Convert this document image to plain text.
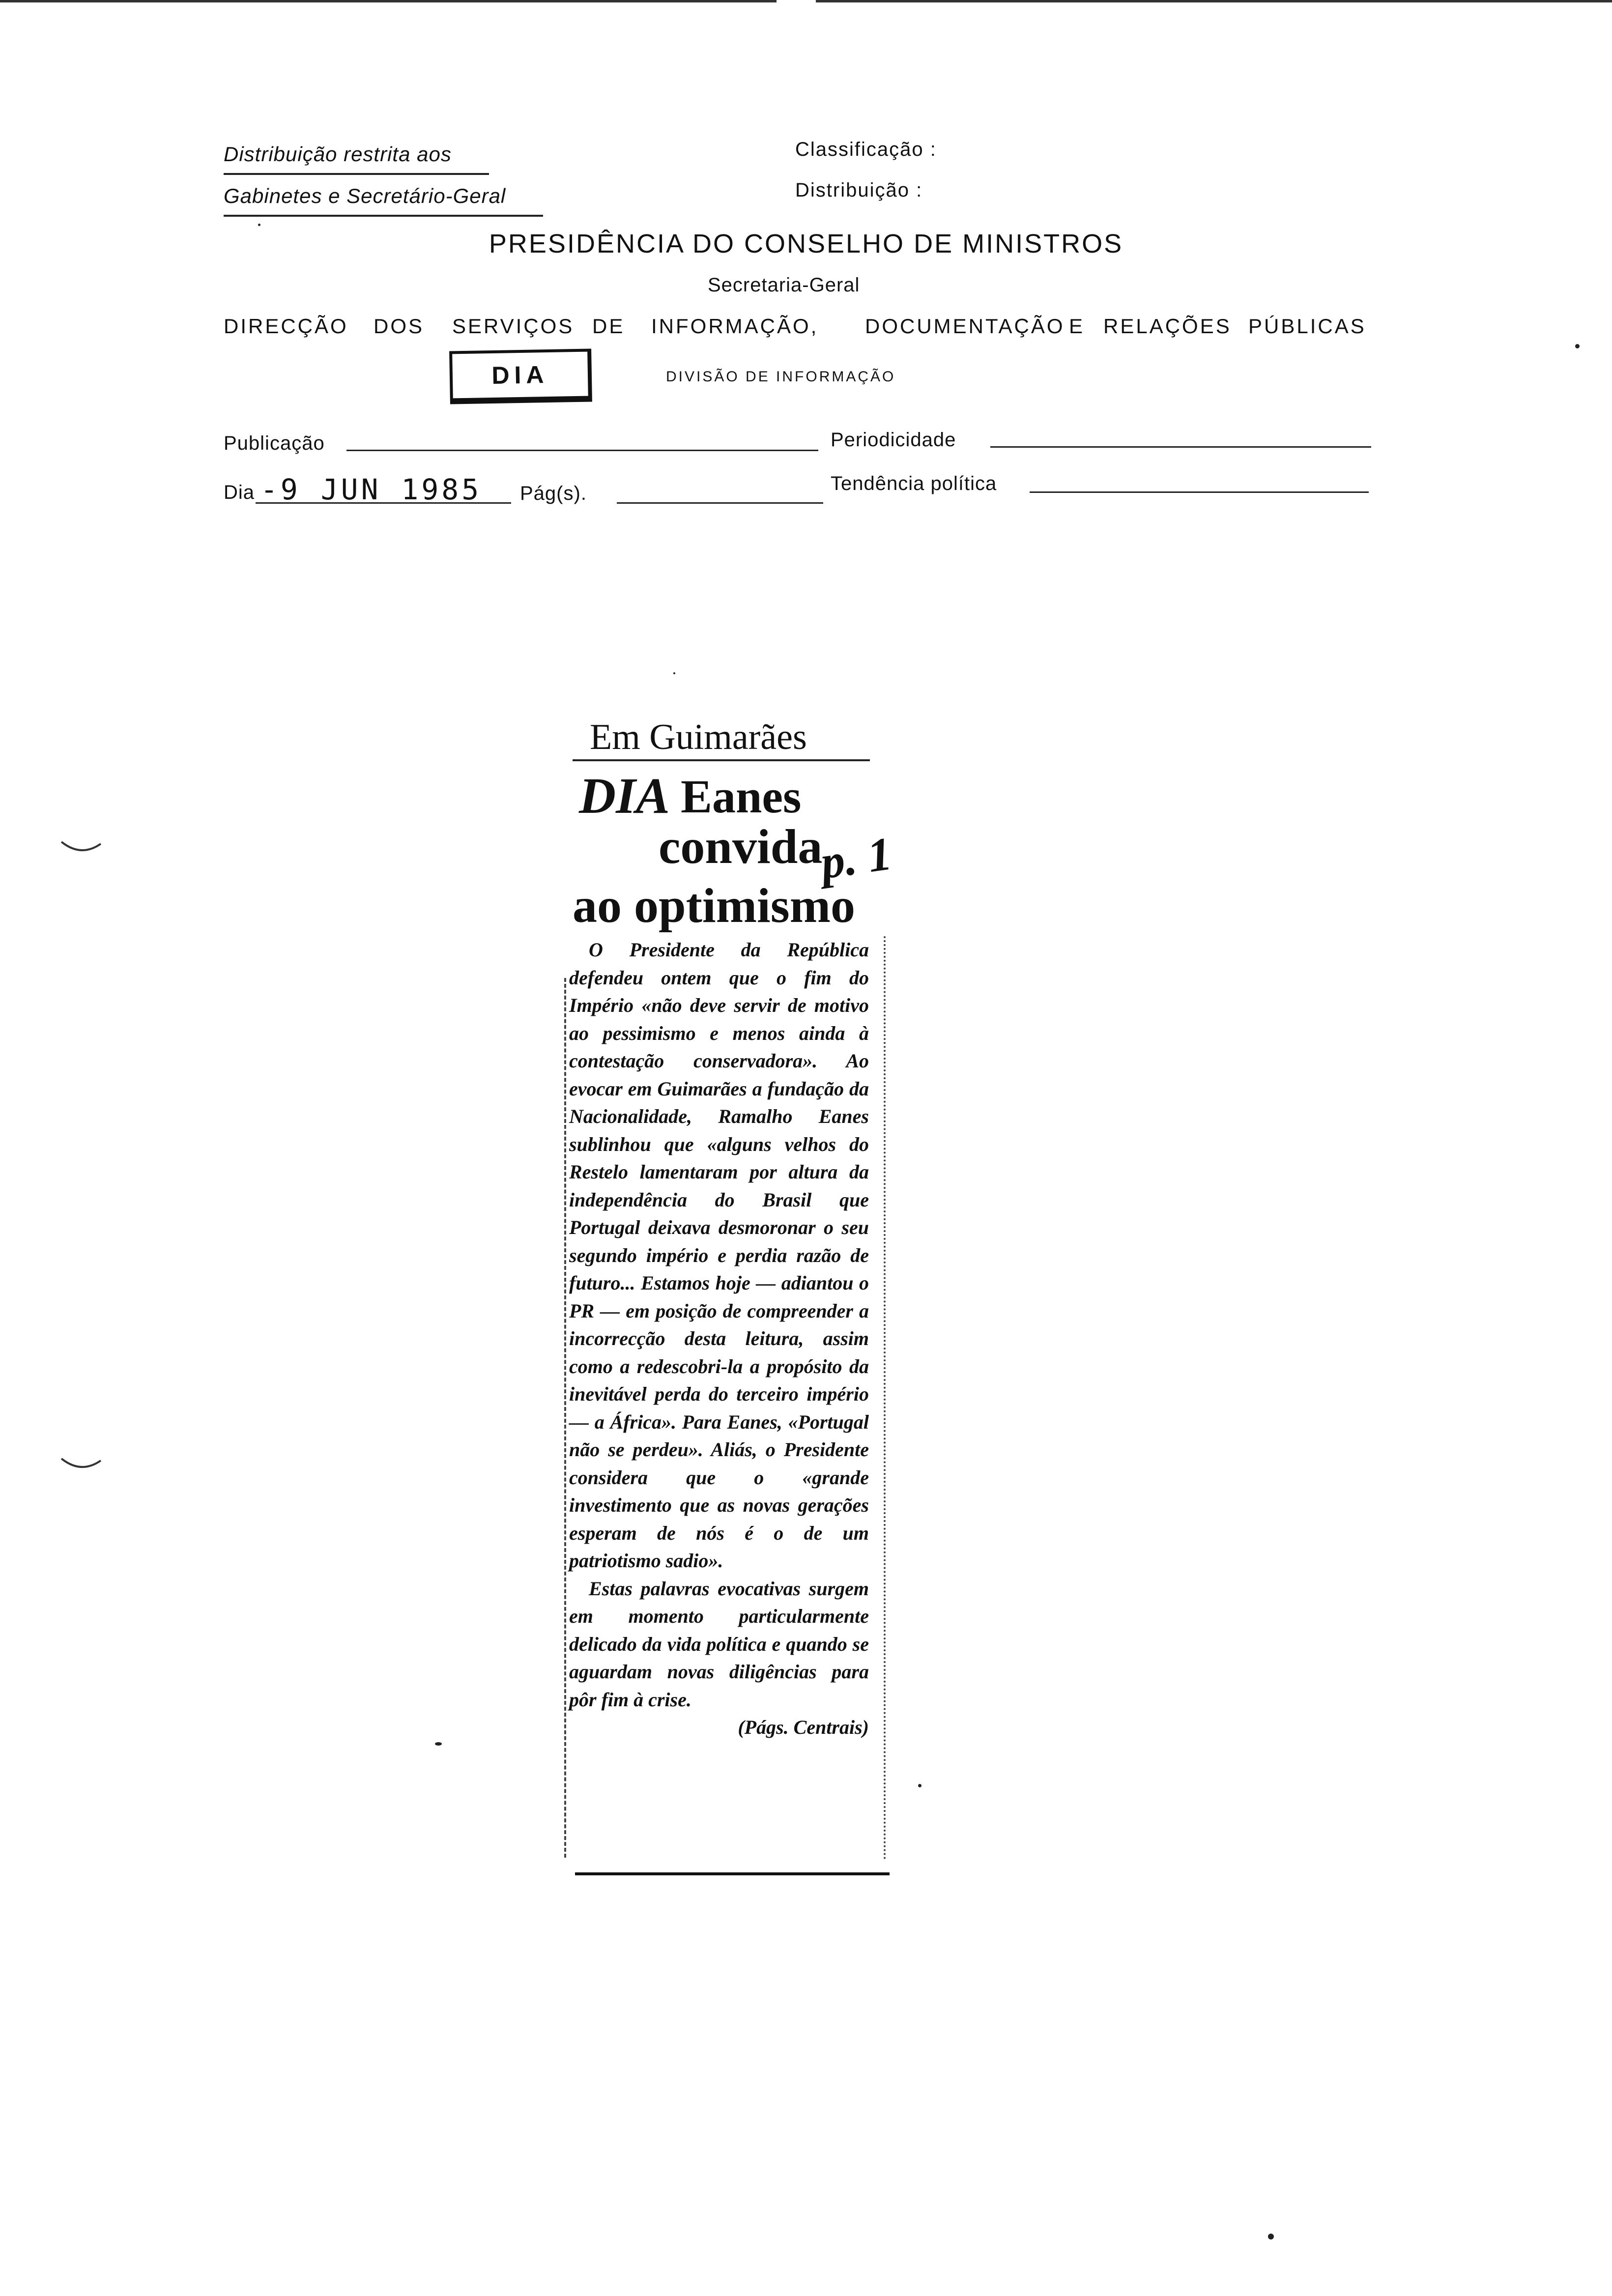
Distribuição restrita aos
Gabinetes e Secretário-Geral
Classificação :
Distribuição :
PRESIDÊNCIA DO CONSELHO DE MINISTROS
Secretaria-Geral
DIRECÇÃO DOS SERVIÇOS DE INFORMAÇÃO, DOCUMENTAÇÃO E RELAÇÕES PÚBLICAS
DIA	DIVISÃO DE INFORMAÇÃO
Publicação	Periodicidade
Dia -9 JUN 1985 Pág(s).	Tendência política
Em Guimarães
DIA Eanes
convida
ao optimismo
p. 1

O Presidente da República defendeu ontem que o fim do Império «não deve servir de motivo ao pessimismo e menos ainda à contestação conservadora». Ao evocar em Guimarães a fundação da Nacionalidade, Ramalho Eanes sublinhou que «alguns velhos do Restelo lamentaram por altura da independência do Brasil que Portugal deixava desmoronar o seu segundo império e perdia razão de futuro... Estamos hoje — adiantou o PR — em posição de compreender a incorrecção desta leitura, assim como a redescobri-la a propósito da inevitável perda do terceiro império — a África». Para Eanes, «Portugal não se perdeu». Aliás, o Presidente considera que o «grande investimento que as novas gerações esperam de nós é o de um patriotismo sadio».

Estas palavras evocativas surgem em momento particularmente delicado da vida política e quando se aguardam novas diligências para pôr fim à crise.

(Págs. Centrais)
